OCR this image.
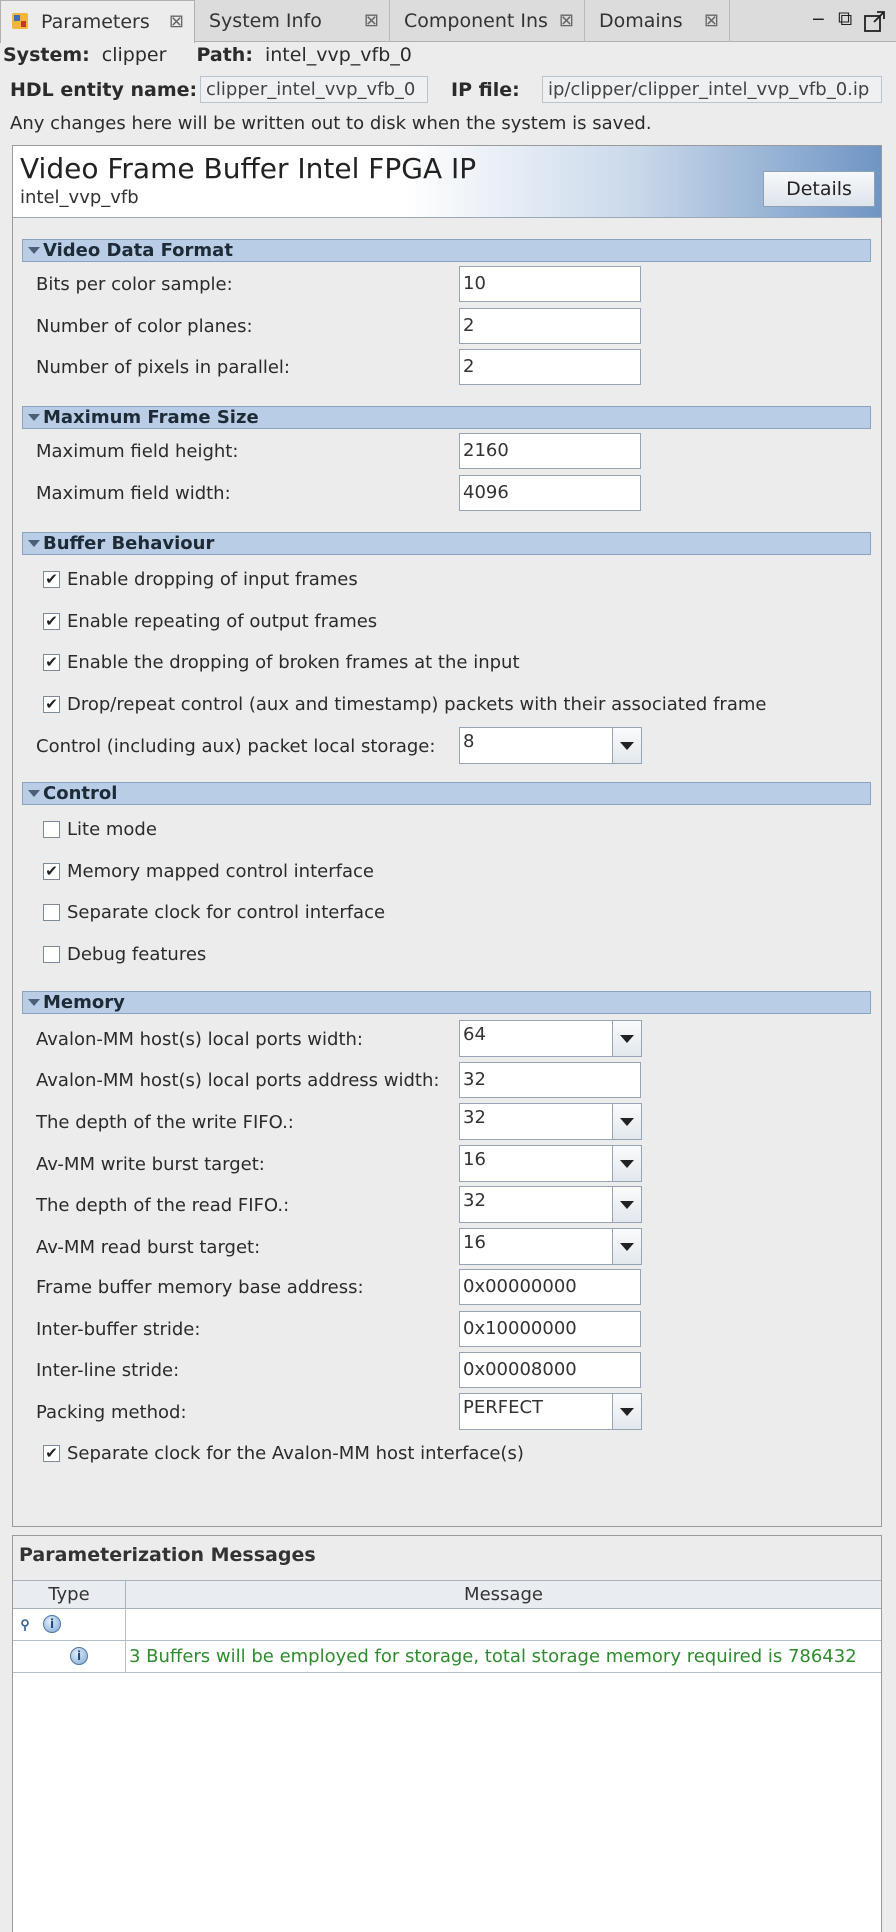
Parameters ⊠	System Info ⊠	Component Ins ⊠	Domains ⊠	‒ ⧉
System: clipper Path: intel_vvp_vfb_0
HDL entity name: clipper_intel_vvp_vfb_0	IP file:	ip/clipper/clipper_intel_vvp_vfb_0.ip
Any changes here will be written out to disk when the system is saved.
Video Frame Buffer Intel FPGA IP
intel_vvp_vfb	Details
Video Data Format
Bits per color sample:	10
Number of color planes:	2
Number of pixels in parallel:	2
Maximum Frame Size
Maximum field height:	2160
Maximum field width:	4096
Buffer Behaviour
✔ Enable dropping of input frames
✔ Enable repeating of output frames
✔ Enable the dropping of broken frames at the input
✔ Drop/repeat control (aux and timestamp) packets with their associated frame
Control (including aux) packet local storage: 8
Control
Lite mode
✔ Memory mapped control interface
Separate clock for control interface
Debug features
Memory
Avalon-MM host(s) local ports width:	64
Avalon-MM host(s) local ports address width: 32
The depth of the write FIFO.:	32
Av-MM write burst target:	16
The depth of the read FIFO.:	32
Av-MM read burst target:	16
Frame buffer memory base address:	0x00000000
Inter-buffer stride:	0x10000000
Inter-line stride:	0x00008000
Packing method:	PERFECT
✔ Separate clock for the Avalon-MM host interface(s)
Parameterization Messages
Type	Message
i
i	3 Buffers will be employed for storage, total storage memory required is 786432
